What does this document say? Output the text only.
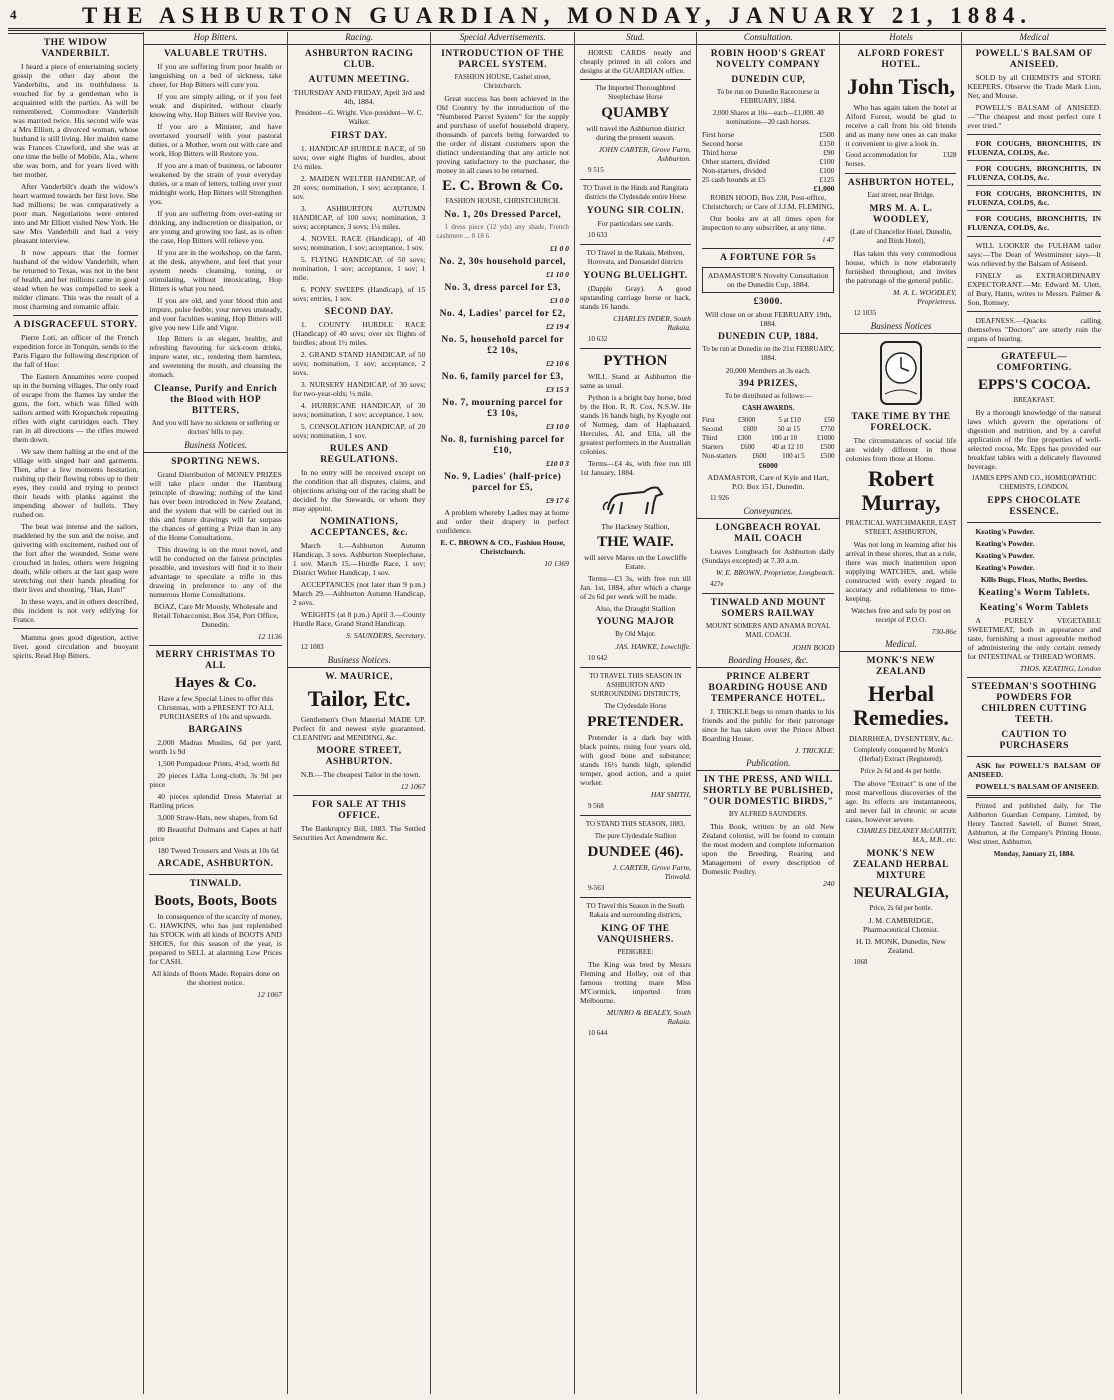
4	THE ASHBURTON GUARDIAN, MONDAY, JANUARY 21, 1884.
THE WIDOW VANDERBILT.

I heard a piece of entertaining society gossip the other day about the Vanderbilts, and its truthfulness is vouched for by a gentleman who is acquainted with the parties. As will be remembered, Commodore Vanderbilt was married twice. His second wife was a Mrs Elliott, a divorced woman, whose husband is still living. Her maiden name was Frances Crawford, and she was at one time the belle of Mobile, Ala., where she was born, and for years lived with her mother.

After Vanderbilt's death the widow's heart warmed towards her first love. She had millions; he was comparatively a poor man. Negotiations were entered into and Mr Elliott visited New York. He saw Mrs Vanderbilt and had a very pleasant interview.

It now appears that the former husband of the widow Vanderbilt, when he returned to Texas, was not in the best of health, and her millions came in good stead when he was compelled to seek a milder climate. This was the result of a most charming and romantic affair.

A DISGRACEFUL STORY.

Pierre Loti, an officer of the French expedition force in Tonquin, sends to the Paris Figaro the following description of the fall of Hue:

The Eastern Annamites were cooped up in the burning villages. The only road of escape from the flames lay under the guns, the fort, which was filled with sailors armed with Kropatchek repeating rifles with eight cartridges each. They ran in all directions — the rifles mowed them down.

We saw them halting at the end of the village with singed hair and garments. Then, after a few moments hesitation, rushing up their flowing robes up to their eyes, they could and trying to protect their heads with planks against the impending shower of bullets. They rushed on.

The beat was intense and the sailors, maddened by the sun and the noise, and quivering with excitement, rushed out of the fort after the wounded. Some were crouched in holes, others were feigning death, while others at the last gasp were stretching out their hands pleading for their lives and shouting, "Han, Han!"

In these ways, and in others described, this incident is not very edifying for France.

Mamma goes good digestion, active liver, good circulation and buoyant spirits. Read Hop Bitters.

Hop Bitters.
VALUABLE TRUTHS.

If you are suffering from poor health or languishing on a bed of sickness, take cheer, for Hop Bitters will cure you.

If you are simply ailing, or if you feel weak and dispirited, without clearly knowing why, Hop Bitters will Revive you.

If you are a Minister, and have overtaxed yourself with your pastoral duties, or a Mother, worn out with care and work, Hop Bitters will Restore you.

If you are a man of business, or labourer weakened by the strain of your everyday duties, or a man of letters, toiling over your midnight work, Hop Bitters will Strengthen you.

If you are suffering from over-eating or drinking, any indiscretion or dissipation, or are young and growing too fast, as is often the case, Hop Bitters will relieve you.

If you are in the workshop, on the farm, at the desk, anywhere, and feel that your system needs cleansing, toning, or stimulating, without intoxicating, Hop Bitters is what you need.

If you are old, and your blood thin and impure, pulse feeble, your nerves unsteady, and your faculties waning, Hop Bitters will give you new Life and Vigor.

Hop Bitters is an elegant, healthy, and refreshing flavouring for sick-room drinks, impure water, etc., rendering them harmless, and sweetening the mouth, and cleansing the stomach.

Cleanse, Purify and Enrich the Blood with HOP BITTERS,

And you will have no sickness or suffering or doctors' bills to pay.

Business Notices.
SPORTING NEWS.

Grand Distribution of MONEY PRIZES will take place under the Hamburg principle of drawing; nothing of the kind has ever been introduced in New Zealand, and the system that will be carried out in this and future drawings will far surpass the chances of getting a Prize than in any of the Home Consultations.

This drawing is on the most novel, and will be conducted on the fairest principles possible, and investors will find it to their advantage to speculate a trifle in this drawing in preference to any of the numerous Home Consultations.

BOAZ, Care Mr Moosly, Wholesale and Retail Tobacconist, Box 354, Port Office, Dunedin.

12 1136

MERRY CHRISTMAS TO ALL
Hayes & Co.

Have a few Special Lines to offer this Christmas, with a PRESENT TO ALL PURCHASERS of 10s and upwards.

BARGAINS

2,000 Madras Muslins, 6d per yard, worth 1s 9d

1,500 Pompadour Prints, 4½d, worth 8d

20 pieces Lidia Long-cloth, 3s 9d per piece

40 pieces splendid Dress Material at Rattling prices

3,000 Straw-Hats, new shapes, from 6d

80 Beautiful Dolmans and Capes at half price

180 Tweed Trousers and Vests at 10s 6d

ARCADE, ASHBURTON.
TINWALD.
Boots, Boots, Boots

In consequence of the scarcity of money, C. HAWKINS, who has just replenished his STOCK with all kinds of BOOTS AND SHOES, for this season of the year, is prepared to SELL at alarming Low Prices for CASH.

All kinds of Boots Made. Repairs done on the shortest notice.

12 1067

Racing.
ASHBURTON RACING CLUB.
AUTUMN MEETING.

THURSDAY AND FRIDAY, April 3rd and 4th, 1884.

President—G. Wright. Vice-president—W. C. Walker.

FIRST DAY.

1. HANDICAP HURDLE RACE, of 50 sovs; over eight flights of hurdles, about 1½ miles.

2. MAIDEN WELTER HANDICAP, of 20 sovs; nomination, 1 sov; acceptance, 1 sov.

3. ASHBURTON AUTUMN HANDICAP, of 100 sovs; nomination, 3 sovs; acceptance, 3 sovs; 1¼ miles.

4. NOVEL RACE (Handicap), of 40 sovs; nomination, 1 sov; acceptance, 1 sov.

5. FLYING HANDICAP, of 50 sovs; nomination, 1 sov; acceptance, 1 sov; 1 mile.

6. PONY SWEEPS (Handicap), of 15 sovs; entries, 1 sov.

SECOND DAY.

1. COUNTY HURDLE RACE (Handicap) of 40 sovs; over six flights of hurdles; about 1½ miles.

2. GRAND STAND HANDICAP, of 50 sovs; nomination, 1 sov; acceptance, 2 sovs.

3. NURSERY HANDICAP, of 30 sovs; for two-year-olds; ½ mile.

4. HURRICANE HANDICAP, of 30 sovs; nomination, 1 sov; acceptance, 1 sov.

5. CONSOLATION HANDICAP, of 20 sovs; nomination, 1 sov.

RULES AND REGULATIONS.

In no entry will be received except on the condition that all disputes, claims, and objections arising out of the racing shall be decided by the Stewards, or whom they may appoint.

NOMINATIONS, ACCEPTANCES, &c.

March 1.—Ashburton Autumn Handicap, 3 sovs. Ashburton Steeplechase, 1 sov. March 15.—Hurdle Race, 1 sov; District Welter Handicap, 1 sov.

ACCEPTANCES (not later than 9 p.m.) March 29.—Ashburton Autumn Handicap, 2 sovs.

WEIGHTS (at 8 p.m.) April 3.—County Hurdle Race, Grand Stand Handicap.

S. SAUNDERS, Secretary.

12 1083

Business Notices.
W. MAURICE,
Tailor, Etc.

Gentlemen's Own Material MADE UP. Perfect fit and newest style guaranteed. CLEANING and MENDING, &c.

MOORE STREET, ASHBURTON.

N.B.—The cheapest Tailor in the town.

12 1067

FOR SALE AT THIS OFFICE.

The Bankruptcy Bill, 1883. The Settled Securities Act Amendment &c.

Special Advertisements.
INTRODUCTION OF THE PARCEL SYSTEM.

FASHION HOUSE, Cashel street, Christchurch.

Great success has been achieved in the Old Country by the introduction of the "Numbered Parcel System" for the supply and purchase of useful household drapery, thousands of parcels being forwarded to the order of distant customers upon the distinct understanding that any article not proving satisfactory to the purchaser, the money in all cases to be returned.

E. C. Brown & Co.

FASHION HOUSE, CHRISTCHURCH.

No. 1, 20s Dressed Parcel,

1 dress piece (12 yds) any shade, French cashmere ... 0 18 6

£1 0 0

No. 2, 30s household parcel,

£1 10 0

No. 3, dress parcel for £3,

£3 0 0

No. 4, Ladies' parcel for £2,

£2 19 4

No. 5, household parcel for £2 10s,

£2 10 6

No. 6, family parcel for £3,

£3 15 3

No. 7, mourning parcel for £3 10s,

£3 10 0

No. 8, furnishing parcel for £10,

£10 0 3

No. 9, Ladies' (half-price) parcel for £5,

£9 17 6

A problem whereby Ladies may at home and order their drapery in perfect confidence.

E. C. BROWN & CO., Fashion House, Christchurch.

10 1369

Stud.

HORSE CARDS neatly and cheaply printed in all colors and designs at the GUARDIAN office.

The Imported Thoroughbred Steeplechase Horse

QUAMBY

will travel the Ashburton district during the present season.

JOHN CARTER, Grove Farm, Ashburton.

9 515

TO Travel in the Hinds and Rangitata districts the Clydesdale entire Horse

YOUNG SIR COLIN.

For particulars see cards.

10 633

TO Travel in the Rakaia, Methven, Horovata, and Dunsandel districts

YOUNG BLUELIGHT.

(Dapple Gray). A good upstanding carriage horse or hack, stands 16 hands.

CHARLES INDER, South Rakaia.

10 632

PYTHON

WILL Stand at Ashburton the same as usual.

Python is a bright bay horse, bred by the Hon. R. R. Cox, N.S.W. He stands 16 hands high, by Kyogle out of Nutmeg, dam of Haphazard, Hercules, Al, and Ella, all the greatest performers in the Australian colonies.

Terms—£4 4s, with free run till 1st January, 1884.

The Hackney Stallion,

THE WAIF.

will serve Mares on the Lowcliffe Estate.

Terms—£3 3s, with free run till Jan. 1st, 1884, after which a charge of 2s 6d per week will be made.

Also, the Draught Stallion

YOUNG MAJOR

By Old Major.

JAS. HAWKE, Lowcliffe.

10 642

TO TRAVEL THIS SEASON IN ASHBURTON AND SURROUNDING DISTRICTS,

The Clydesdale Horse

PRETENDER.

Pretender is a dark bay with black points, rising four years old, with good bone and substance; stands 16½ hands high, splendid temper, good action, and a quiet worker.

HAY SMITH,

9 568

TO STAND THIS SEASON, 1883,

The pure Clydesdale Stallion

DUNDEE (46).

J. CARTER, Grove Farm, Tinwald.

9-563

TO Travel this Season in the South Rakaia and surrounding districts,

KING OF THE VANQUISHERS.

PEDIGREE:

The King was bred by Messrs Fleming and Holley, out of that famous trotting mare Miss M'Cormick, imported from Melbourne.

MUNRO & BEALEY, South Rakaia.

10 644

Consultation.
ROBIN HOOD'S GREAT NOVELTY COMPANY
DUNEDIN CUP,

To be run on Dunedin Racecourse in FEBRUARY, 1884.

2,000 Shares at 10s—each—£1,000. 40 nominations—20 cash horses.

First horse	£500
Second horse	£150
Third horse	£90
Other starters, divided	£100
Non-starters, divided	£100
25 cash hounds at £5	£125
£1,000

ROBIN HOOD, Box 238, Post-office, Christchurch; or Care of J.J.M. FLEMING,

Our books are at all times open for inspection to any subscriber, at any time.

i 47

A FORTUNE FOR 5s
ADAMASTOR'S Novelty Consultation on the Dunedin Cup, 1884.
£3000.

Will close on or about FEBRUARY 19th, 1884.

DUNEDIN CUP, 1884.

To be run at Dunedin on the 21st FEBRUARY, 1884.

20,000 Members at 3s each.

394 PRIZES,

To be distributed as follows:—

CASH AWARDS.

First	£3000	5 at £10	£50
Second	£600	50 at 15	£750
Third	£300	100 at 10	£1000
Starters £600 40 at 12 10 £500
Non-starters £600 100 at 5 £500

£6000

ADAMASTOR, Care of Kyle and Hart, P.O. Box 151, Dunedin.

11 926

Conveyances.
LONGBEACH ROYAL MAIL COACH

Leaves Longbeach for Ashburton daily (Sundays excepted) at 7.30 a.m.

W. E. BROWN, Proprietor, Longbeach.

427e

TINWALD AND MOUNT SOMERS RAILWAY

MOUNT SOMERS AND ANAMA ROYAL MAIL COACH.

JOHN BOOD

Boarding Houses, &c.
PRINCE ALBERT BOARDING HOUSE AND TEMPERANCE HOTEL.

J. TRICKLE begs to return thanks to his friends and the public for their patronage since he has taken over the Prince Albert Boarding House.

J. TRICKLE.

Publication.
IN THE PRESS, AND WILL SHORTLY BE PUBLISHED, "OUR DOMESTIC BIRDS,"

BY ALFRED SAUNDERS.

This Book, written by an old New Zealand colonist, will be found to contain the most modern and complete information upon the Breeding, Rearing and Management of every description of Domestic Poultry.

240

Hotels
ALFORD FOREST HOTEL.
John Tisch,

Who has again taken the hotel at Alford Forest, would be glad to receive a call from his old friends and as many new ones as can make it convenient to give a look in.

Good accommodation for horses.
1328
ASHBURTON HOTEL,

East street, near Bridge.

MRS M. A. L. WOODLEY,

(Late of Chancellor Hotel, Dunedin, and Birds Hotel),

Has taken this very commodious house, which is now elaborately furnished throughout, and invites the patronage of the general public.

M. A. L. WOODLEY, Proprietress.

12 1035

Business Notices
TAKE TIME BY THE FORELOCK.

The circumstances of social life are widely different in those colonies from those at Home.

Robert Murray,

PRACTICAL WATCHMAKER, EAST STREET, ASHBURTON,

Was not long in learning after his arrival in these shores, that as a rule, there was much inattention upon supplying WATCHES, and, while constructed with every regard to accuracy and reliableness to time-keeping.

Watches free and safe by post on receipt of P.O.O.

730-86e

Medical.
MONK'S NEW ZEALAND
Herbal Remedies.

DIARRHŒA, DYSENTERY, &c.

Completely conquered by Monk's (Herbal) Extract (Registered).

Price 2s 6d and 4s per bottle.

The above "Extract" is one of the most marvellous discoveries of the age. Its effects are instantaneous, and never fail in chronic or acute cases, however severe.

CHARLES DELANEY McCARTHY, M.A., M.B., etc.

MONK'S NEW ZEALAND HERBAL MIXTURE
NEURALGIA,

Price, 2s 6d per bottle.

J. M. CAMBRIDGE, Pharmaceutical Chemist.

H. D. MONK, Dunedin, New Zealand.

1068

Medical
POWELL'S BALSAM OF ANISEED.

SOLD by all CHEMISTS and STORE KEEPERS. Observe the Trade Mark Lion, Net, and Mouse.

POWELL'S BALSAM of ANISEED.—"The cheapest and most perfect cure I ever tried."

FOR COUGHS, BRONCHITIS, IN FLUENZA, COLDS, &c.

FOR COUGHS, BRONCHITIS, IN FLUENZA, COLDS, &c.

FOR COUGHS, BRONCHITIS, IN FLUENZA, COLDS, &c.

FOR COUGHS, BRONCHITIS, IN FLUENZA, COLDS, &c.

WILL LOOKER the FULHAM tailor says:—The Dean of Westminster says—It was relieved by the Balsam of Aniseed.

FINELY as EXTRAORDINARY EXPECTORANT.—Mr. Edward M. Ulett, of Bury, Hants, writes to Messrs. Palmer & Son, Romsey.

DEAFNESS.—Quacks calling themselves "Doctors" are utterly ruin the organs of hearing.

GRATEFUL—COMFORTING.
EPPS'S COCOA.

BREAKFAST.

By a thorough knowledge of the natural laws which govern the operations of digestion and nutrition, and by a careful application of the fine properties of well-selected cocoa, Mr. Epps has provided our breakfast tables with a delicately flavoured beverage.

JAMES EPPS AND CO., HOMŒOPATHIC CHEMISTS, LONDON.

EPPS CHOCOLATE ESSENCE.

Keating's Powder.

Keating's Powder.

Keating's Powder.

Keating's Powder.

Kills Bugs, Fleas, Moths, Beetles.

Keating's Worm Tablets.
Keating's Worm Tablets

A PURELY VEGETABLE SWEETMEAT, both in appearance and taste, furnishing a most agreeable method of administering the only certain remedy for INTESTINAL or THREAD WORMS.

THOS. KEATING, London

STEEDMAN'S SOOTHING POWDERS FOR CHILDREN CUTTING TEETH.
CAUTION TO PURCHASERS

ASK for POWELL'S BALSAM OF ANISEED.

POWELL'S BALSAM OF ANISEED.

Printed and published daily, for The Ashburton Guardian Company, Limited, by Henry Tancred Sawtell, of Burnet Street, Ashburton, at the Company's Printing House, West street, Ashburton.

Monday, January 21, 1884.
